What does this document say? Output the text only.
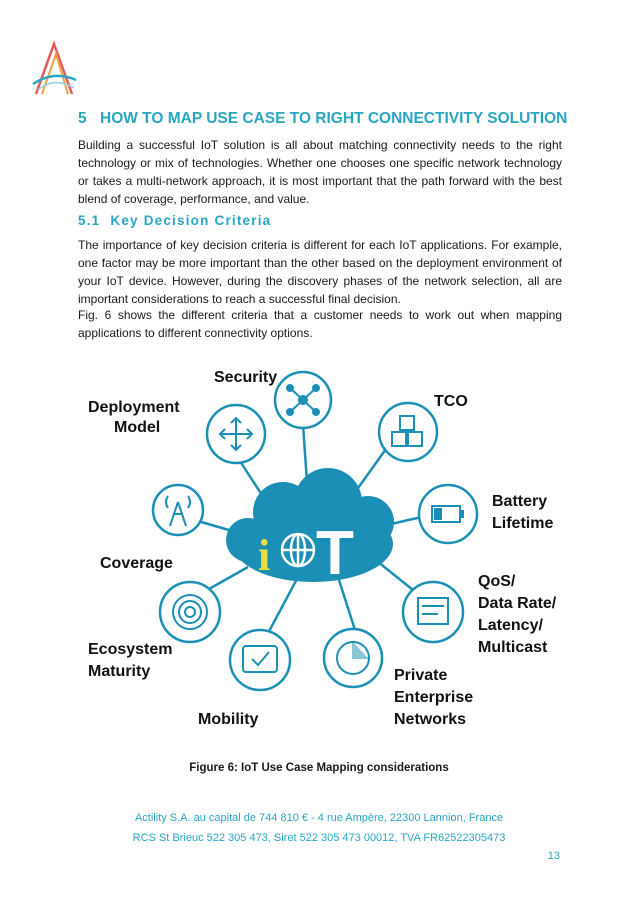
5 HOW TO MAP USE CASE TO RIGHT CONNECTIVITY SOLUTION

Building a successful IoT solution is all about matching connectivity needs to the right technology or mix of technologies. Whether one chooses one specific network technology or takes a multi-network approach, it is most important that the path forward with the best blend of coverage, performance, and value.

5.1 Key Decision Criteria

The importance of key decision criteria is different for each IoT applications. For example, one factor may be more important than the other based on the deployment environment of your IoT device. However, during the discovery phases of the network selection, all are important considerations to reach a successful final decision.

Fig. 6 shows the different criteria that a customer needs to work out when mapping applications to different connectivity options.

i T
Security
TCO
Deployment
Model
Battery
Lifetime
Coverage
QoS/
Data Rate/
Latency/
Multicast
Ecosystem
Maturity	Private
Enterprise
Networks
Mobility
Figure 6: IoT Use Case Mapping considerations
Actility S.A. au capital de 744 810 € - 4 rue Ampère, 22300 Lannion, France
RCS St Brieuc 522 305 473, Siret 522 305 473 00012, TVA FR62522305473
13
